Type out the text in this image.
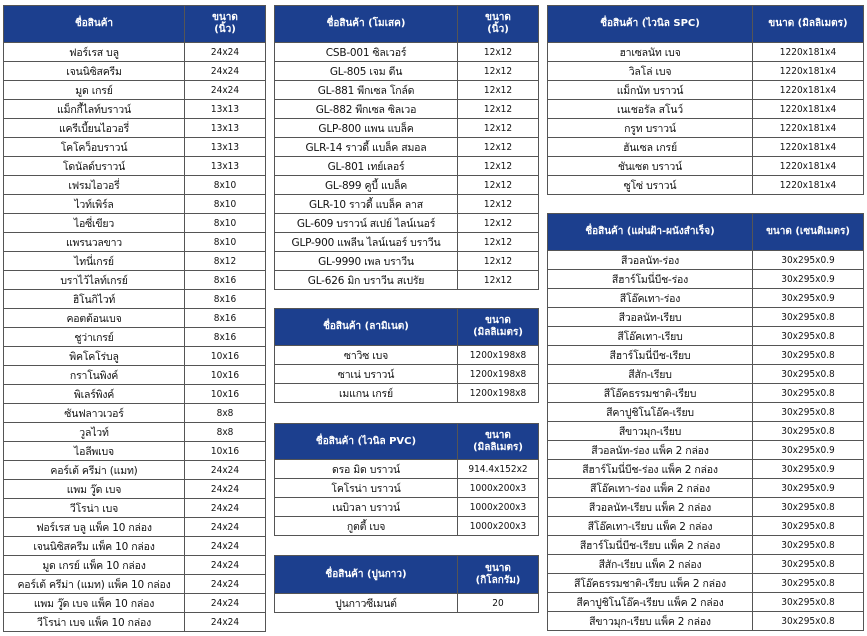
ชื่อสินค้า	ขนาด
(นิ้ว)
ฟอร์เรส บลู	24x24
เจนนิซิสครีม	24x24
มูด เกรย์	24x24
แม็กกี้ไลท์บราวน์	13x13
แครีเบี้ยนไอวอรี่	13x13
โคโคว็อบราวน์	13x13
โดนัลด์บราวน์	13x13
เฟรมไอวอรี่	8x10
ไวท์เพิร์ล	8x10
ไอซี่เขียว	8x10
แพรนวลขาว	8x10
ไทนี่เกรย์	8x12
บราไว้ไลท์เกรย์	8x16
ฮิโนกิไวท์	8x16
คอตต้อนเบจ	8x16
ชูว่าเกรย์	8x16
พิคโคโร่บลู	10x16
กราโนพิงค์	10x16
พิเลร์พิงค์	10x16
ซันฟลาวเวอร์	8x8
วูลไวท์	8x8
ไอลีพเบจ	10x16
คอร์เต้ ครีม่า (แมท)	24x24
แพม วู๊ด เบจ	24x24
วีโรน่า เบจ	24x24
ฟอร์เรส บลู แพ็ค 10 กล่อง	24x24
เจนนิซิสครีม แพ็ค 10 กล่อง	24x24
มูด เกรย์ แพ็ค 10 กล่อง	24x24
คอร์เต้ ครีม่า (แมท) แพ็ค 10 กล่อง	24x24
แพม วู๊ด เบจ แพ็ค 10 กล่อง	24x24
วีโรน่า เบจ แพ็ค 10 กล่อง	24x24
ชื่อสินค้า (โมเสค)	ขนาด
(นิ้ว)
CSB-001 ซิลเวอร์	12x12
GL-805 เจม ดีน	12x12
GL-881 พีกเซล โกล์ด	12x12
GL-882 พีกเซล ซิลเวอ	12x12
GLP-800 แพน แบล็ค	12x12
GLR-14 ราวดี้ แบล็ค สมอล	12x12
GL-801 เทย์เลอร์	12x12
GL-899 คูบี้ แบล็ค	12x12
GLR-10 ราวดี้ แบล็ค ลาส	12x12
GL-609 บราวน์ สเปย์ ไลน์เนอร์	12x12
GLP-900 แพลีน ไลน์เนอร์ บราวีน	12x12
GL-9990 เพล บราวีน	12x12
GL-626 มิก บราวีน สเปรัย	12x12
ชื่อสินค้า (ลามิเนต)	ขนาด
(มิลลิเมตร)
ซาวิซ เบจ	1200x198x8
ซาเน่ บราวน์	1200x198x8
เมแกน เกรย์	1200x198x8
ชื่อสินค้า (ไวนิล PVC)	ขนาด
(มิลลิเมตร)
ดรอ มิด บราวน์	914.4x152x2
โคโรน่า บราวน์	1000x200x3
เนบิวลา บราวน์	1000x200x3
กูตตี้ เบจ	1000x200x3
ชื่อสินค้า (ปูนกาว)	ขนาด
(กิโลกรัม)
ปูนกาวซีเมนต์	20
ชื่อสินค้า (ไวนิล SPC)	ขนาด (มิลลิเมตร)
ฮาเซลนัท เบจ	1220x181x4
วิลโล่ เบจ	1220x181x4
แม็กนัท บราวน์	1220x181x4
เนเชอรัล สโนว์	1220x181x4
กรูท บราวน์	1220x181x4
ฮันเซล เกรย์	1220x181x4
ชันเซต บราวน์	1220x181x4
ซูโซ่ บราวน์	1220x181x4
ชื่อสินค้า (แผ่นฝ้า-ผนังสำเร็จ)	ขนาด (เซนติเมตร)
สีวอลนัท-ร่อง	30x295x0.9
สีฮาร์โมนี่บีช-ร่อง	30x295x0.9
สีโอ๊คเทา-ร่อง	30x295x0.9
สีวอลนัท-เรียบ	30x295x0.8
สีโอ๊คเทา-เรียบ	30x295x0.8
สีฮาร์โมนี่บีช-เรียบ	30x295x0.8
สีสัก-เรียบ	30x295x0.8
สีโอ๊คธรรมชาติ-เรียบ	30x295x0.8
สีคาปูชิโนโอ๊ค-เรียบ	30x295x0.8
สีขาวมุก-เรียบ	30x295x0.8
สีวอลนัท-ร่อง แพ็ค 2 กล่อง	30x295x0.9
สีฮาร์โมนี่บีช-ร่อง แพ็ค 2 กล่อง	30x295x0.9
สีโอ๊คเทา-ร่อง แพ็ค 2 กล่อง	30x295x0.9
สีวอลนัท-เรียบ แพ็ค 2 กล่อง	30x295x0.8
สีโอ๊คเทา-เรียบ แพ็ค 2 กล่อง	30x295x0.8
สีฮาร์โมนี่บีช-เรียบ แพ็ค 2 กล่อง	30x295x0.8
สีสัก-เรียบ แพ็ค 2 กล่อง	30x295x0.8
สีโอ๊คธรรมชาติ-เรียบ แพ็ค 2 กล่อง	30x295x0.8
สีคาปูชิโนโอ๊ค-เรียบ แพ็ค 2 กล่อง	30x295x0.8
สีขาวมุก-เรียบ แพ็ค 2 กล่อง	30x295x0.8
